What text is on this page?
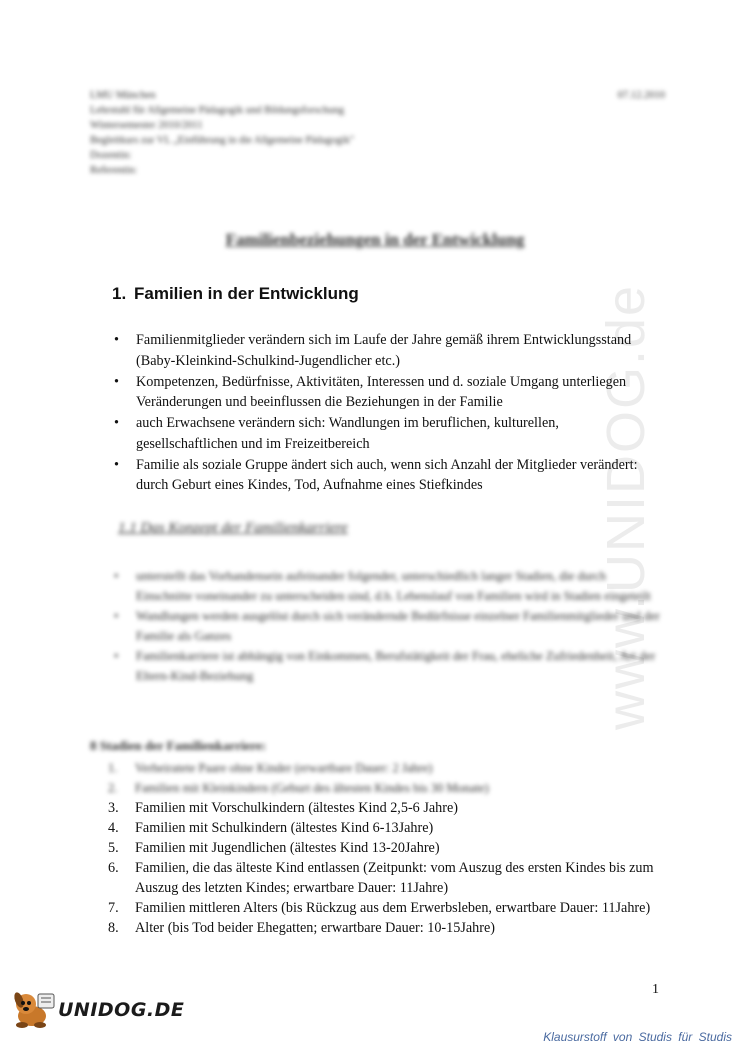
www.UNIDOG.de
LMU München
Lehrstuhl für Allgemeine Pädagogik und Bildungsforschung
Wintersemester 2010/2011
Begleitkurs zur VL „Einführung in die Allgemeine Pädagogik"
Dozentin:
Referentin:
07.12.2010
Familienbeziehungen in der Entwicklung
1. Familien in der Entwicklung
• Familienmitglieder verändern sich im Laufe der Jahre gemäß ihrem Entwicklungsstand (Baby-Kleinkind-Schulkind-Jugendlicher etc.)
• Kompetenzen, Bedürfnisse, Aktivitäten, Interessen und d. soziale Umgang unterliegen Veränderungen und beeinflussen die Beziehungen in der Familie
• auch Erwachsene verändern sich: Wandlungen im beruflichen, kulturellen, gesellschaftlichen und im Freizeitbereich
• Familie als soziale Gruppe ändert sich auch, wenn sich Anzahl der Mitglieder verändert: durch Geburt eines Kindes, Tod, Aufnahme eines Stiefkindes
1.1 Das Konzept der Familienkarriere
• unterstellt das Vorhandensein aufeinander folgender, unterschiedlich langer Stadien, die durch Einschnitte voneinander zu unterscheiden sind, d.h. Lebenslauf von Familien wird in Stadien eingeteilt
• Wandlungen werden ausgelöst durch sich verändernde Bedürfnisse einzelner Familienmitglieder und der Familie als Ganzes
• Familienkarriere ist abhängig von Einkommen, Berufstätigkeit der Frau, eheliche Zufriedenheit, Art der Eltern-Kind-Beziehung
8 Stadien der Familienkarriere:
1. Verheiratete Paare ohne Kinder (erwartbare Dauer: 2 Jahre)
2. Familien mit Kleinkindern (Geburt des ältesten Kindes bis 30 Monate)
3. Familien mit Vorschulkindern (ältestes Kind 2,5-6 Jahre)
4. Familien mit Schulkindern (ältestes Kind 6-13Jahre)
5. Familien mit Jugendlichen (ältestes Kind 13-20Jahre)
6. Familien, die das älteste Kind entlassen (Zeitpunkt: vom Auszug des ersten Kindes bis zum Auszug des letzten Kindes; erwartbare Dauer: 11Jahre)
7. Familien mittleren Alters (bis Rückzug aus dem Erwerbsleben, erwartbare Dauer: 11Jahre)
8. Alter (bis Tod beider Ehegatten; erwartbare Dauer: 10-15Jahre)
1
UNIDOG.DE
Klausurstoff von Studis für Studis
